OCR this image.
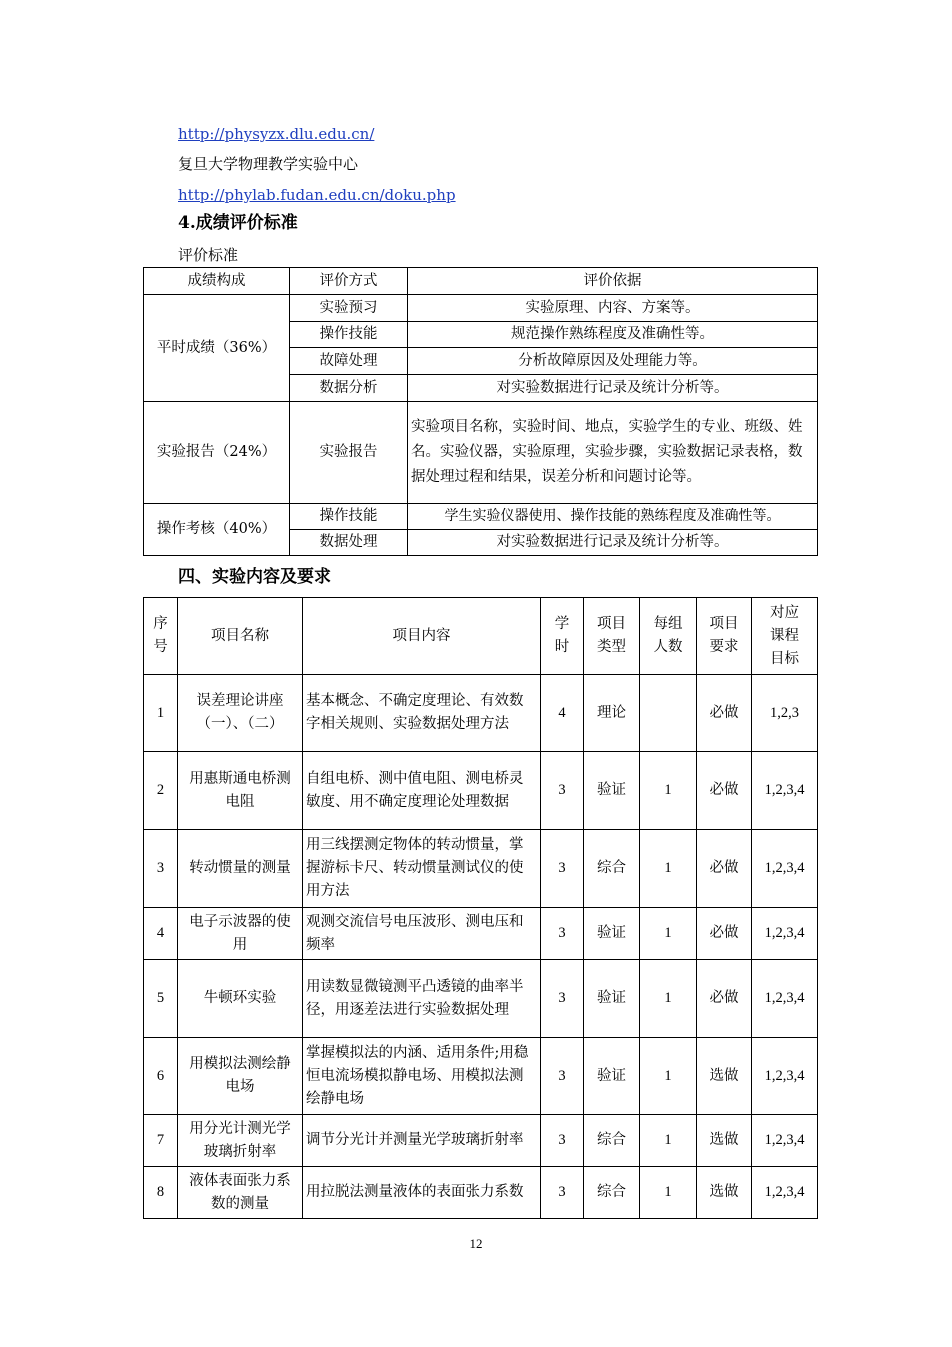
http://physyzx.dlu.edu.cn/
复旦大学物理教学实验中心
http://phylab.fudan.edu.cn/doku.php
4.成绩评价标准
评价标准
成绩构成	评价方式	评价依据
平时成绩（36%）	实验预习	实验原理、内容、方案等。
	操作技能	规范操作熟练程度及准确性等。
	故障处理	分析故障原因及处理能力等。
	数据分析	对实验数据进行记录及统计分析等。
实验报告（24%）	实验报告	实验项目名称，实验时间、地点，实验学生的专业、班级、姓名。实验仪器，实验原理，实验步骤，实验数据记录表格，数据处理过程和结果，误差分析和问题讨论等。
操作考核（40%）	操作技能	学生实验仪器使用、操作技能的熟练程度及准确性等。
	数据处理	对实验数据进行记录及统计分析等。
四、实验内容及要求
序号	项目名称	项目内容	学时	项目类型	每组人数	项目要求	对应课程目标
1	误差理论讲座（一）、（二）	基本概念、不确定度理论、有效数字相关规则、实验数据处理方法	4	理论		必做	1,2,3
2	用惠斯通电桥测电阻	自组电桥、测中值电阻、测电桥灵敏度、用不确定度理论处理数据	3	验证	1	必做	1,2,3,4
3	转动惯量的测量	用三线摆测定物体的转动惯量，掌握游标卡尺、转动惯量测试仪的使用方法	3	综合	1	必做	1,2,3,4
4	电子示波器的使用	观测交流信号电压波形、测电压和频率	3	验证	1	必做	1,2,3,4
5	牛顿环实验	用读数显微镜测平凸透镜的曲率半径，用逐差法进行实验数据处理	3	验证	1	必做	1,2,3,4
6	用模拟法测绘静电场	掌握模拟法的内涵、适用条件;用稳恒电流场模拟静电场、用模拟法测绘静电场	3	验证	1	选做	1,2,3,4
7	用分光计测光学玻璃折射率	调节分光计并测量光学玻璃折射率	3	综合	1	选做	1,2,3,4
8	液体表面张力系数的测量	用拉脱法测量液体的表面张力系数	3	综合	1	选做	1,2,3,4
12
